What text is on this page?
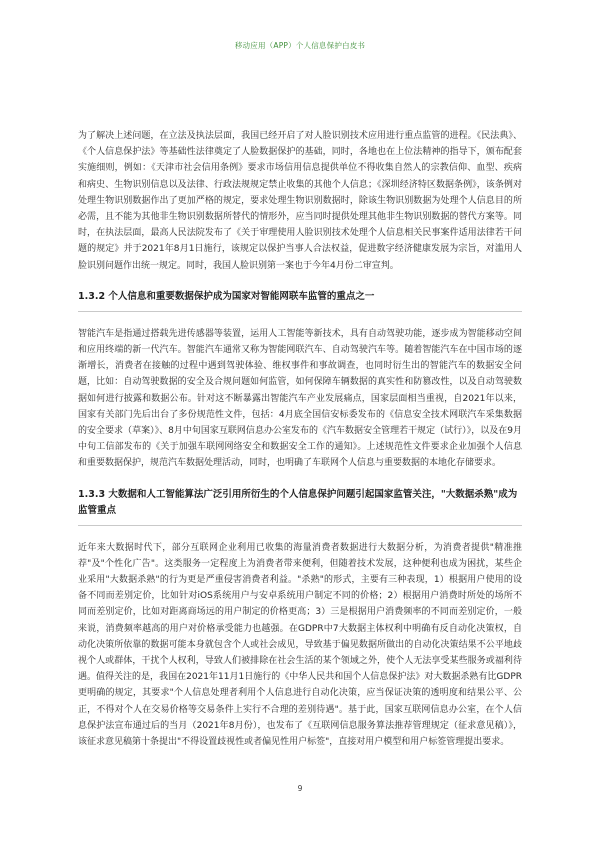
移动应用（APP）个人信息保护白皮书

为了解决上述问题，在立法及执法层面，我国已经开启了对人脸识别技术应用进行重点监管的进程。《民法典》、《个人信息保护法》等基础性法律奠定了人脸数据保护的基础，同时，各地也在上位法精神的指导下，颁布配套实施细则，例如：《天津市社会信用条例》要求市场信用信息提供单位不得收集自然人的宗教信仰、血型、疾病和病史、生物识别信息以及法律、行政法规规定禁止收集的其他个人信息；《深圳经济特区数据条例》，该条例对处理生物识别数据作出了更加严格的规定，要求处理生物识别数据时，除该生物识别数据为处理个人信息目的所必需，且不能为其他非生物识别数据所替代的情形外，应当同时提供处理其他非生物识别数据的替代方案等。同时，在执法层面，最高人民法院发布了《关于审理使用人脸识别技术处理个人信息相关民事案件适用法律若干问题的规定》并于2021年8月1日施行，该规定以保护当事人合法权益，促进数字经济健康发展为宗旨，对滥用人脸识别问题作出统一规定。同时，我国人脸识别第一案也于今年4月份二审宣判。

1.3.2 个人信息和重要数据保护成为国家对智能网联车监管的重点之一

智能汽车是指通过搭载先进传感器等装置，运用人工智能等新技术，具有自动驾驶功能，逐步成为智能移动空间和应用终端的新一代汽车。智能汽车通常又称为智能网联汽车、自动驾驶汽车等。随着智能汽车在中国市场的逐渐增长，消费者在接触的过程中遇到驾驶体验、维权事件和事故调查，也同时衍生出的智能汽车的数据安全问题，比如：自动驾驶数据的安全及合规问题如何监管，如何保障车辆数据的真实性和防篡改性，以及自动驾驶数据如何进行披露和数据公布。针对这不断暴露出智能汽车产业发展痛点，国家层面相当重视，自2021年以来，国家有关部门先后出台了多份规范性文件，包括：4月底全国信安标委发布的《信息安全技术网联汽车采集数据的安全要求（草案）》、8月中旬国家互联网信息办公室发布的《汽车数据安全管理若干规定（试行）》，以及在9月中旬工信部发布的《关于加强车联网网络安全和数据安全工作的通知》。上述规范性文件要求企业加强个人信息和重要数据保护，规范汽车数据处理活动，同时，也明确了车联网个人信息与重要数据的本地化存储要求。

1.3.3 大数据和人工智能算法广泛引用所衍生的个人信息保护问题引起国家监管关注，"大数据杀熟"成为监管重点

近年来大数据时代下，部分互联网企业利用已收集的海量消费者数据进行大数据分析，为消费者提供"精准推荐"及"个性化广告"。这类服务一定程度上为消费者带来便利，但随着技术发展，这种便利也成为困扰，某些企业采用"大数据杀熟"的行为更是严重侵害消费者利益。"杀熟"的形式，主要有三种表现，1）根据用户使用的设备不同而差别定价，比如针对iOS系统用户与安卓系统用户制定不同的价格；2）根据用户消费时所处的场所不同而差别定价，比如对距离商场远的用户制定的价格更高；3）三是根据用户消费频率的不同而差别定价，一般来说，消费频率越高的用户对价格承受能力也越强。在GDPR中7大数据主体权利中明确有反自动化决策权，自动化决策所依靠的数据可能本身就包含个人或社会成见，导致基于偏见数据所做出的自动化决策结果不公平地歧视个人或群体，干扰个人权利，导致人们被排除在社会生活的某个领域之外，使个人无法享受某些服务或福利待遇。值得关注的是，我国在2021年11月1日施行的《中华人民共和国个人信息保护法》对大数据杀熟有比GDPR更明确的规定，其要求"个人信息处理者利用个人信息进行自动化决策，应当保证决策的透明度和结果公平、公正，不得对个人在交易价格等交易条件上实行不合理的差别待遇"。基于此，国家互联网信息办公室，在个人信息保护法宣布通过后的当月（2021年8月份），也发布了《互联网信息服务算法推荐管理规定（征求意见稿）》，该征求意见稿第十条提出"不得设置歧视性或者偏见性用户标签"，直接对用户模型和用户标签管理提出要求。

9
